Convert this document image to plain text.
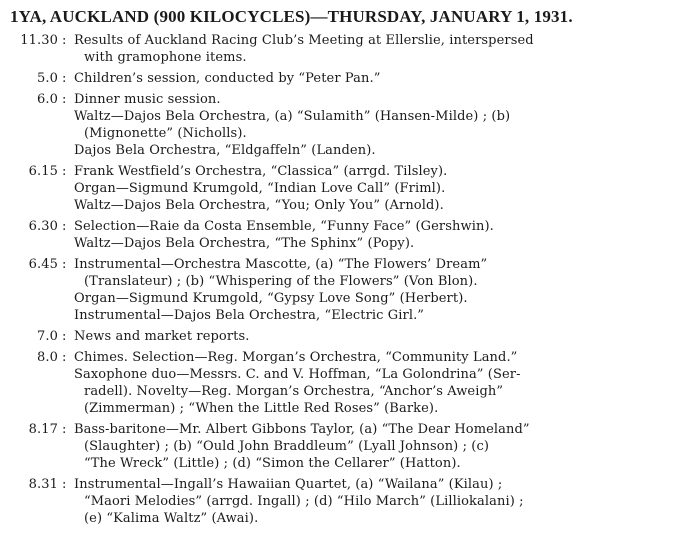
1YA, AUCKLAND (900 KILOCYCLES)—THURSDAY, JANUARY 1, 1931.
11.30 : Results of Auckland Racing Club’s Meeting at Ellerslie, interspersed
with gramophone items.
5.0 : Children’s session, conducted by “Peter Pan.”
6.0 : Dinner music session.
Waltz—Dajos Bela Orchestra, (a) “Sulamith” (Hansen-Milde) ; (b)
(Mignonette” (Nicholls).
Dajos Bela Orchestra, “Eldgaffeln” (Landen).
6.15 : Frank Westfield’s Orchestra, “Classica” (arrgd. Tilsley).
Organ—Sigmund Krumgold, “Indian Love Call” (Friml).
Waltz—Dajos Bela Orchestra, “You; Only You” (Arnold).
6.30 : Selection—Raie da Costa Ensemble, “Funny Face” (Gershwin).
Waltz—Dajos Bela Orchestra, “The Sphinx” (Popy).
6.45 : Instrumental—Orchestra Mascotte, (a) “The Flowers’ Dream”
(Translateur) ; (b) “Whispering of the Flowers” (Von Blon).
Organ—Sigmund Krumgold, “Gypsy Love Song” (Herbert).
Instrumental—Dajos Bela Orchestra, “Electric Girl.”
7.0 : News and market reports.
8.0 : Chimes. Selection—Reg. Morgan’s Orchestra, “Community Land.”
Saxophone duo—Messrs. C. and V. Hoffman, “La Golondrina” (Ser-
radell). Novelty—Reg. Morgan’s Orchestra, “Anchor’s Aweigh”
(Zimmerman) ; “When the Little Red Roses” (Barke).
8.17 : Bass-baritone—Mr. Albert Gibbons Taylor, (a) “The Dear Homeland”
(Slaughter) ; (b) “Ould John Braddleum” (Lyall Johnson) ; (c)
“The Wreck” (Little) ; (d) “Simon the Cellarer” (Hatton).
8.31 : Instrumental—Ingall’s Hawaiian Quartet, (a) “Wailana” (Kilau) ;
“Maori Melodies” (arrgd. Ingall) ; (d) “Hilo March” (Lilliokalani) ;
(e) “Kalima Waltz” (Awai).
